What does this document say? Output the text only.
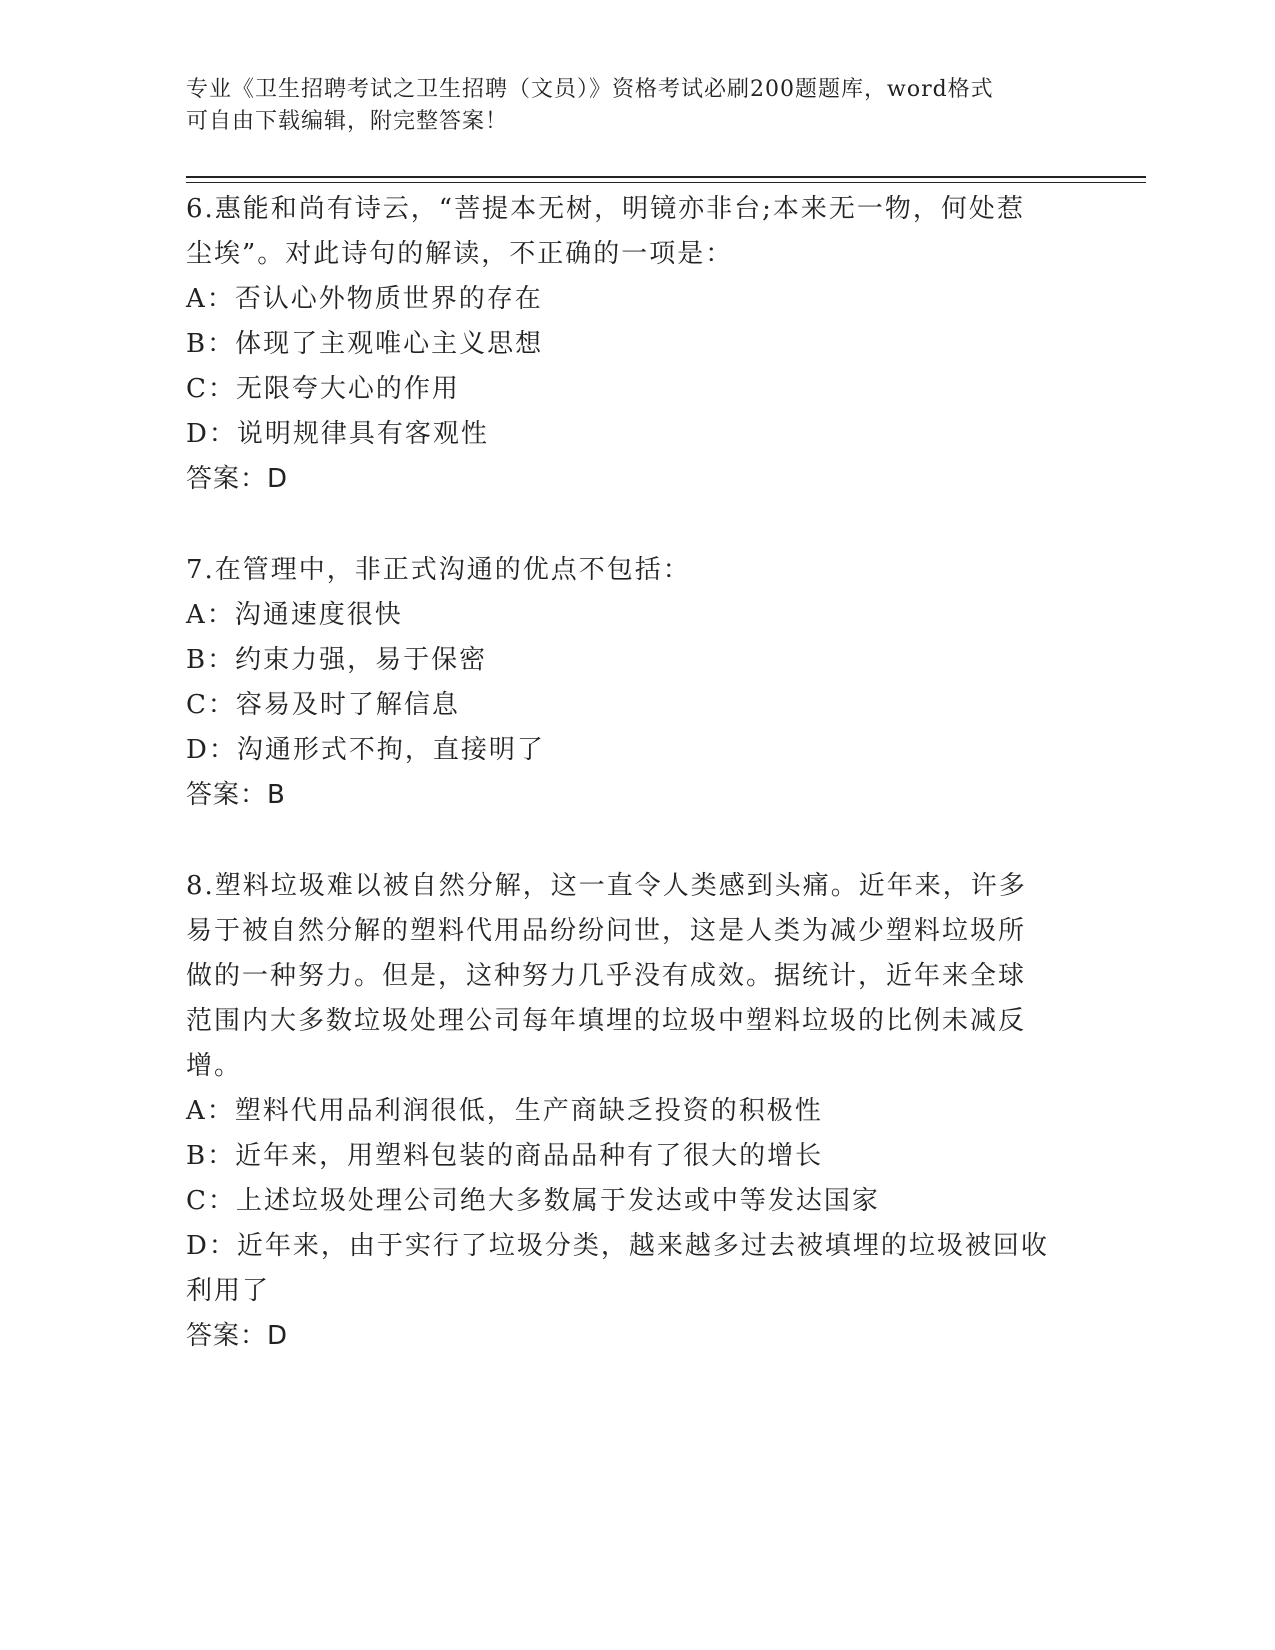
专业《卫生招聘考试之卫生招聘（文员）》资格考试必刷200题题库，word格式
可自由下载编辑，附完整答案！

6.惠能和尚有诗云，“菩提本无树，明镜亦非台;本来无一物，何处惹

尘埃”。对此诗句的解读，不正确的一项是：

A：否认心外物质世界的存在

B：体现了主观唯心主义思想

C：无限夸大心的作用

D：说明规律具有客观性

答案：D

7.在管理中，非正式沟通的优点不包括：

A：沟通速度很快

B：约束力强，易于保密

C：容易及时了解信息

D：沟通形式不拘，直接明了

答案：B

8.塑料垃圾难以被自然分解，这一直令人类感到头痛。近年来，许多

易于被自然分解的塑料代用品纷纷问世，这是人类为减少塑料垃圾所

做的一种努力。但是，这种努力几乎没有成效。据统计，近年来全球

范围内大多数垃圾处理公司每年填埋的垃圾中塑料垃圾的比例未减反

增。

A：塑料代用品利润很低，生产商缺乏投资的积极性

B：近年来，用塑料包装的商品品种有了很大的增长

C：上述垃圾处理公司绝大多数属于发达或中等发达国家

D：近年来，由于实行了垃圾分类，越来越多过去被填埋的垃圾被回收

利用了

答案：D
